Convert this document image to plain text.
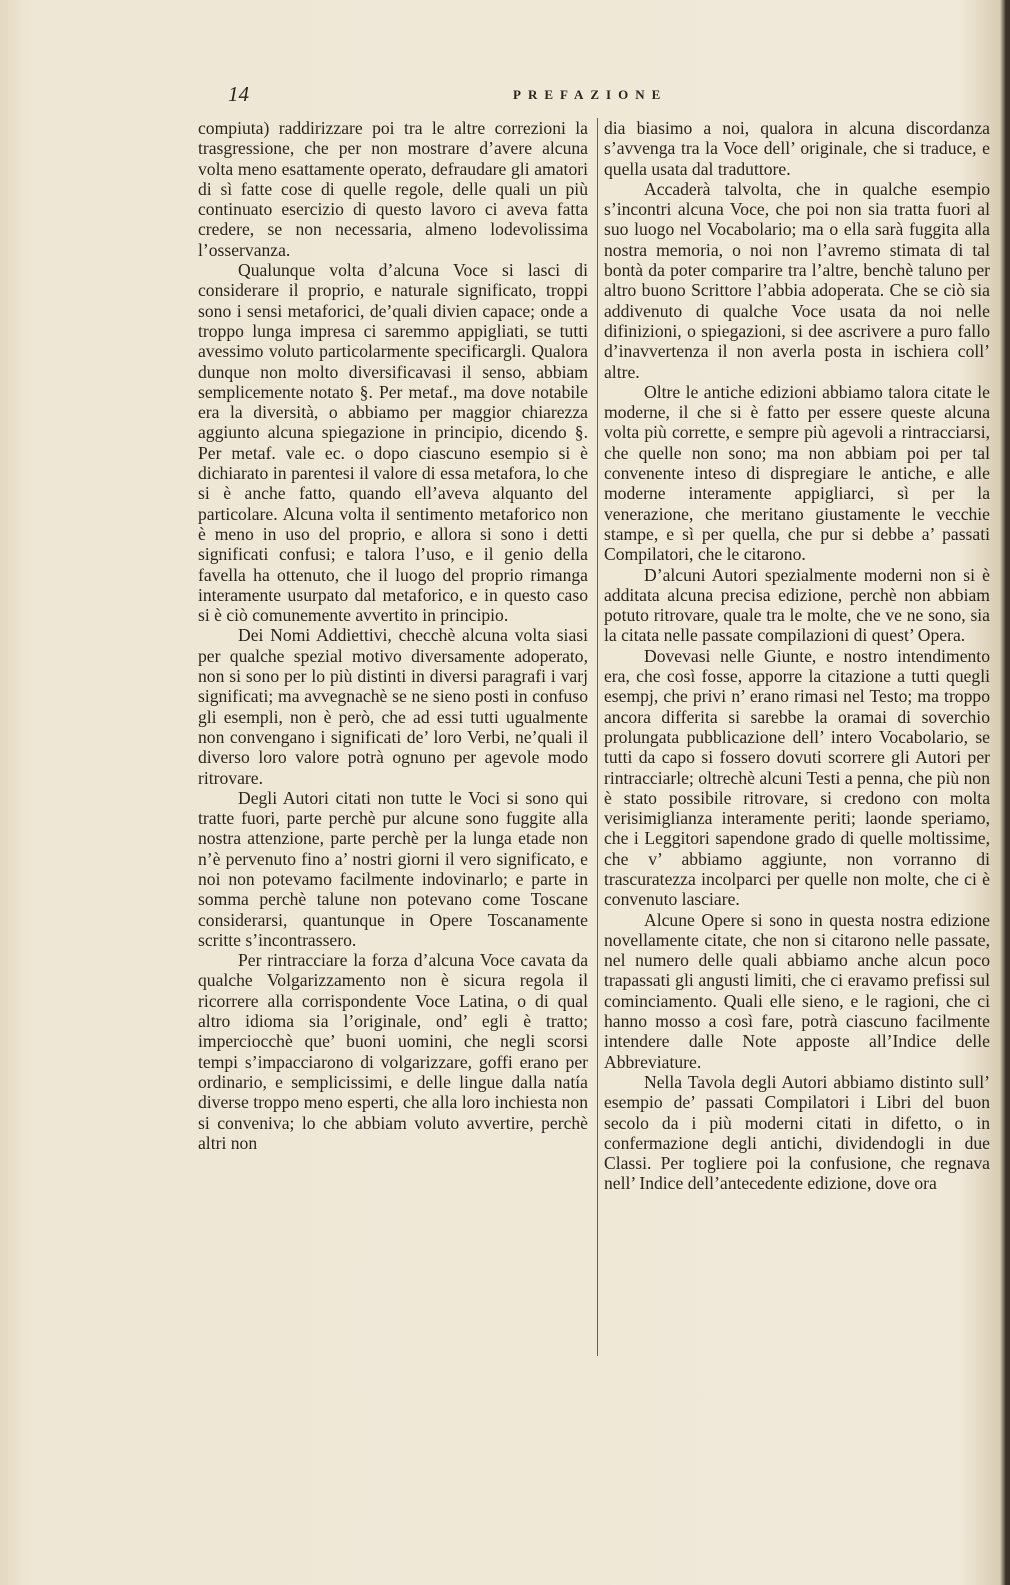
14	PREFAZIONE

compiuta) raddirizzare poi tra le altre correzioni la trasgressione, che per non mostrare d’avere alcuna volta meno esattamente operato, defraudare gli amatori di sì fatte cose di quelle regole, delle quali un più continuato esercizio di questo lavoro ci aveva fatta credere, se non necessaria, almeno lodevolissima l’osservanza.

Qualunque volta d’alcuna Voce si lasci di considerare il proprio, e naturale significato, troppi sono i sensi metaforici, de’quali divien capace; onde a troppo lunga impresa ci saremmo appigliati, se tutti avessimo voluto particolarmente specificargli. Qualora dunque non molto diversificavasi il senso, abbiam semplicemente notato §. Per metaf., ma dove notabile era la diversità, o abbiamo per maggior chiarezza aggiunto alcuna spiegazione in principio, dicendo §. Per metaf. vale ec. o dopo ciascuno esempio si è dichiarato in parentesi il valore di essa metafora, lo che si è anche fatto, quando ell’aveva alquanto del particolare. Alcuna volta il sentimento metaforico non è meno in uso del proprio, e allora si sono i detti significati confusi; e talora l’uso, e il genio della favella ha ottenuto, che il luogo del proprio rimanga interamente usurpato dal metaforico, e in questo caso si è ciò comunemente avvertito in principio.

Dei Nomi Addiettivi, checchè alcuna volta siasi per qualche spezial motivo diversamente adoperato, non si sono per lo più distinti in diversi paragrafi i varj significati; ma avvegnachè se ne sieno posti in confuso gli esempli, non è però, che ad essi tutti ugualmente non convengano i significati de’ loro Verbi, ne’quali il diverso loro valore potrà ognuno per agevole modo ritrovare.

Degli Autori citati non tutte le Voci si sono qui tratte fuori, parte perchè pur alcune sono fuggite alla nostra attenzione, parte perchè per la lunga etade non n’è pervenuto fino a’ nostri giorni il vero significato, e noi non potevamo facilmente indovinarlo; e parte in somma perchè talune non potevano come Toscane considerarsi, quantunque in Opere Toscanamente scritte s’incontrassero.

Per rintracciare la forza d’alcuna Voce cavata da qualche Volgarizzamento non è sicura regola il ricorrere alla corrispondente Voce Latina, o di qual altro idioma sia l’originale, ond’ egli è tratto; imperciocchè que’ buoni uomini, che negli scorsi tempi s’impacciarono di volgarizzare, goffi erano per ordinario, e semplicissimi, e delle lingue dalla natía diverse troppo meno esperti, che alla loro inchiesta non si conveniva; lo che abbiam voluto avvertire, perchè altri non

dia biasimo a noi, qualora in alcuna discordanza s’avvenga tra la Voce dell’ originale, che si traduce, e quella usata dal traduttore.

Accaderà talvolta, che in qualche esempio s’incontri alcuna Voce, che poi non sia tratta fuori al suo luogo nel Vocabolario; ma o ella sarà fuggita alla nostra memoria, o noi non l’avremo stimata di tal bontà da poter comparire tra l’altre, benchè taluno per altro buono Scrittore l’abbia adoperata. Che se ciò sia addivenuto di qualche Voce usata da noi nelle difinizioni, o spiegazioni, si dee ascrivere a puro fallo d’inavvertenza il non averla posta in ischiera coll’ altre.

Oltre le antiche edizioni abbiamo talora citate le moderne, il che si è fatto per essere queste alcuna volta più corrette, e sempre più agevoli a rintracciarsi, che quelle non sono; ma non abbiam poi per tal convenente inteso di dispregiare le antiche, e alle moderne interamente appigliarci, sì per la venerazione, che meritano giustamente le vecchie stampe, e sì per quella, che pur si debbe a’ passati Compilatori, che le citarono.

D’alcuni Autori spezialmente moderni non si è additata alcuna precisa edizione, perchè non abbiam potuto ritrovare, quale tra le molte, che ve ne sono, sia la citata nelle passate compilazioni di quest’ Opera.

Dovevasi nelle Giunte, e nostro intendimento era, che così fosse, apporre la citazione a tutti quegli esempj, che privi n’ erano rimasi nel Testo; ma troppo ancora differita si sarebbe la oramai di soverchio prolungata pubblicazione dell’ intero Vocabolario, se tutti da capo si fossero dovuti scorrere gli Autori per rintracciarle; oltrechè alcuni Testi a penna, che più non è stato possibile ritrovare, si credono con molta verisimiglianza interamente periti; laonde speriamo, che i Leggitori sapendone grado di quelle moltissime, che v’ abbiamo aggiunte, non vorranno di trascuratezza incolparci per quelle non molte, che ci è convenuto lasciare.

Alcune Opere si sono in questa nostra edizione novellamente citate, che non si citarono nelle passate, nel numero delle quali abbiamo anche alcun poco trapassati gli angusti limiti, che ci eravamo prefissi sul cominciamento. Quali elle sieno, e le ragioni, che ci hanno mosso a così fare, potrà ciascuno facilmente intendere dalle Note apposte all’Indice delle Abbreviature.

Nella Tavola degli Autori abbiamo distinto sull’ esempio de’ passati Compilatori i Libri del buon secolo da i più moderni citati in difetto, o in confermazione degli antichi, dividendogli in due Classi. Per togliere poi la confusione, che regnava nell’ Indice dell’antecedente edizione, dove ora
